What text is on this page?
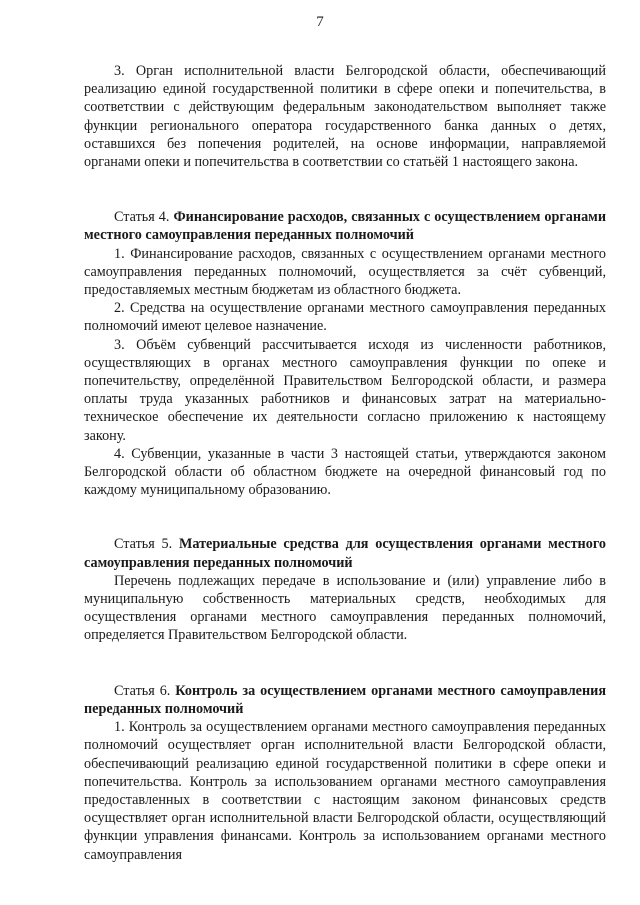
7

3. Орган исполнительной власти Белгородской области, обеспечивающий реализацию единой государственной политики в сфере опеки и попечительства, в соответствии с действующим федеральным законодательством выполняет также функции регионального оператора государственного банка данных о детях, оставшихся без попечения родителей, на основе информации, направляемой органами опеки и попечительства в соответствии со статьёй 1 настоящего закона.

Статья 4. Финансирование расходов, связанных с осуществлением органами местного самоуправления переданных полномочий

1. Финансирование расходов, связанных с осуществлением органами местного самоуправления переданных полномочий, осуществляется за счёт субвенций, предоставляемых местным бюджетам из областного бюджета.

2. Средства на осуществление органами местного самоуправления переданных полномочий имеют целевое назначение.

3. Объём субвенций рассчитывается исходя из численности работников, осуществляющих в органах местного самоуправления функции по опеке и попечительству, определённой Правительством Белгородской области, и размера оплаты труда указанных работников и финансовых затрат на материально-техническое обеспечение их деятельности согласно приложению к настоящему закону.

4. Субвенции, указанные в части 3 настоящей статьи, утверждаются законом Белгородской области об областном бюджете на очередной финансовый год по каждому муниципальному образованию.

Статья 5. Материальные средства для осуществления органами местного самоуправления переданных полномочий

Перечень подлежащих передаче в использование и (или) управление либо в муниципальную собственность материальных средств, необходимых для осуществления органами местного самоуправления переданных полномочий, определяется Правительством Белгородской области.

Статья 6. Контроль за осуществлением органами местного самоуправления переданных полномочий

1. Контроль за осуществлением органами местного самоуправления переданных полномочий осуществляет орган исполнительной власти Белгородской области, обеспечивающий реализацию единой государственной политики в сфере опеки и попечительства. Контроль за использованием органами местного самоуправления предоставленных в соответствии с настоящим законом финансовых средств осуществляет орган исполнительной власти Белгородской области, осуществляющий функции управления финансами. Контроль за использованием органами местного самоуправления
